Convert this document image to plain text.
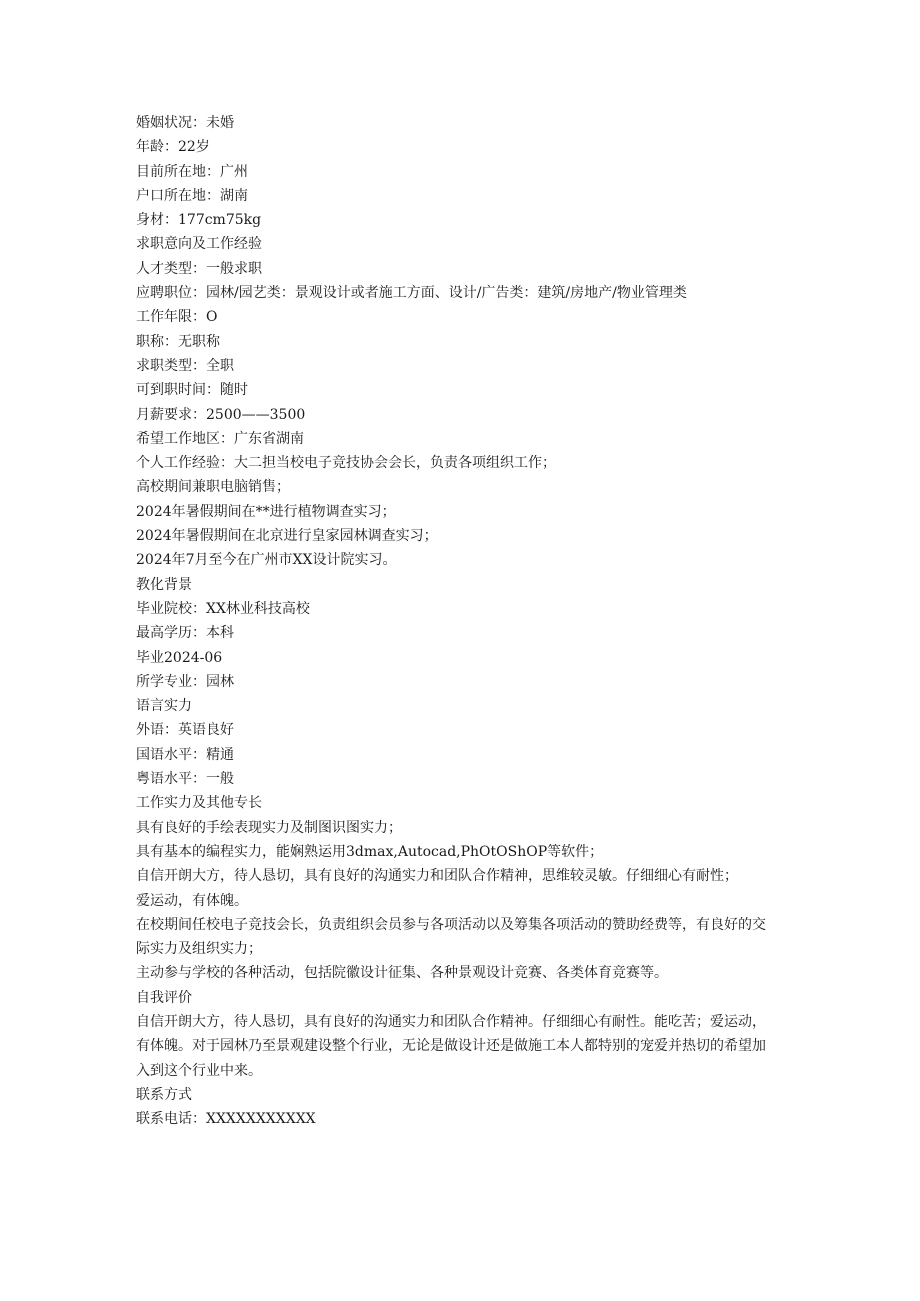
婚姻状况：未婚

年龄：22岁

目前所在地：广州

户口所在地：湖南

身材：177cm75kg

求职意向及工作经验

人才类型：一般求职

应聘职位：园林/园艺类：景观设计或者施工方面、设计/广告类：建筑/房地产/物业管理类

工作年限：O

职称：无职称

求职类型：全职

可到职时间：随时

月薪要求：2500——3500

希望工作地区：广东省湖南

个人工作经验：大二担当校电子竞技协会会长，负责各项组织工作；

高校期间兼职电脑销售；

2024年暑假期间在**进行植物调查实习；

2024年暑假期间在北京进行皇家园林调查实习；

2024年7月至今在广州市XX设计院实习。

教化背景

毕业院校：XX林业科技高校

最高学历：本科

毕业2024-06

所学专业：园林

语言实力

外语：英语良好

国语水平：精通

粤语水平：一般

工作实力及其他专长

具有良好的手绘表现实力及制图识图实力；

具有基本的编程实力，能娴熟运用3dmax,Autocad,PhOtOShOP等软件；

自信开朗大方，待人恳切，具有良好的沟通实力和团队合作精神，思维较灵敏。仔细细心有耐性；

爱运动，有体魄。

在校期间任校电子竞技会长，负责组织会员参与各项活动以及筹集各项活动的赞助经费等，有良好的交际实力及组织实力；

主动参与学校的各种活动，包括院徽设计征集、各种景观设计竞赛、各类体育竞赛等。

自我评价

自信开朗大方，待人恳切，具有良好的沟通实力和团队合作精神。仔细细心有耐性。能吃苦；爱运动，有体魄。对于园林乃至景观建设整个行业，无论是做设计还是做施工本人都特别的宠爱并热切的希望加入到这个行业中来。

联系方式

联系电话：XXXXXXXXXXX
